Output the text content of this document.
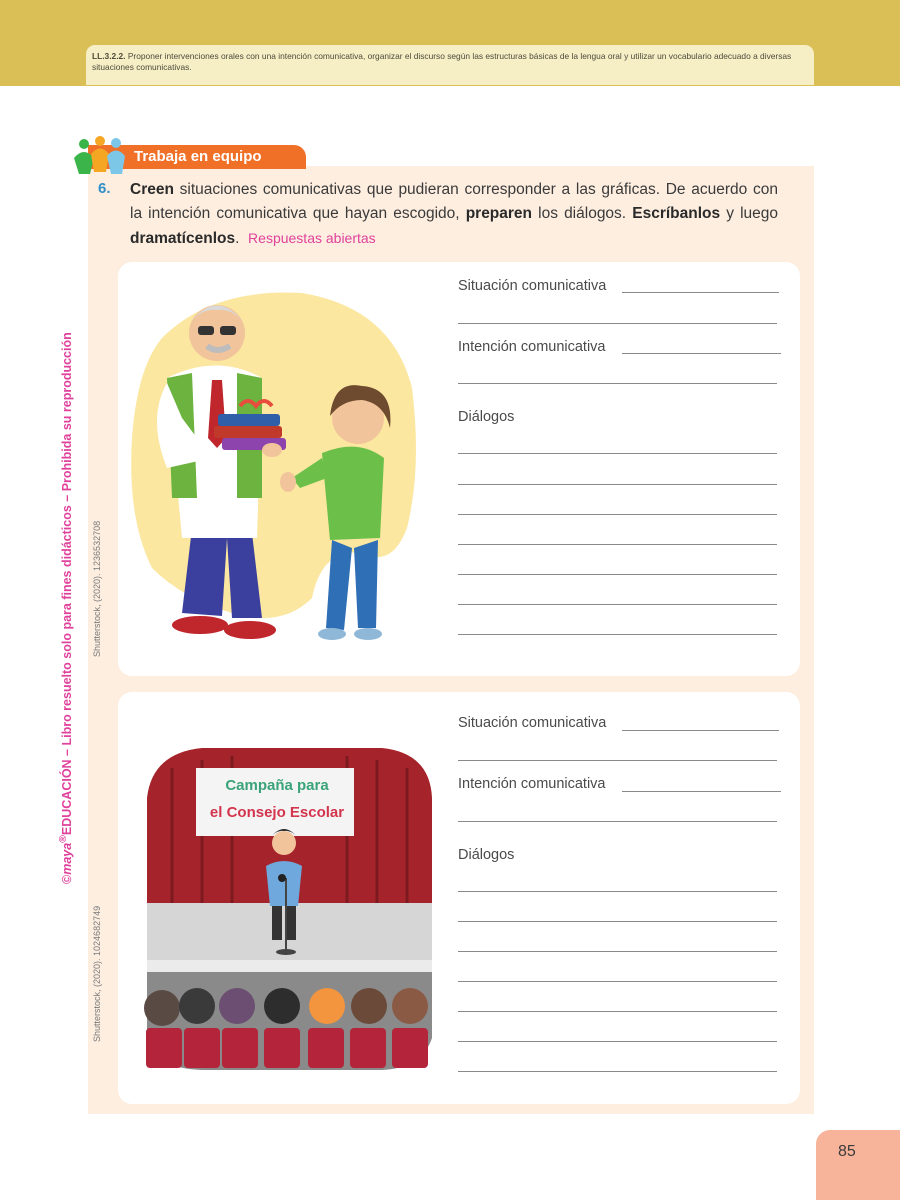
LL.3.2.2. Proponer intervenciones orales con una intención comunicativa, organizar el discurso según las estructuras básicas de la lengua oral y utilizar un vocabulario adecuado a diversas situaciones comunicativas.
Trabaja en equipo
6. Creen situaciones comunicativas que pudieran corresponder a las gráficas. De acuerdo con la intención comunicativa que hayan escogido, preparen los diálogos. Escríbanlos y luego dramatícenlos. Respuestas abiertas
Shutterstock, (2020). 1236532708
Situación comunicativa
Intención comunicativa
Diálogos
Campaña para
el Consejo Escolar
Shutterstock, (2020). 1024682749
Situación comunicativa
Intención comunicativa
Diálogos
©maya®EDUCACIÓN – Libro resuelto solo para fines didácticos – Prohibida su reproducción
85
